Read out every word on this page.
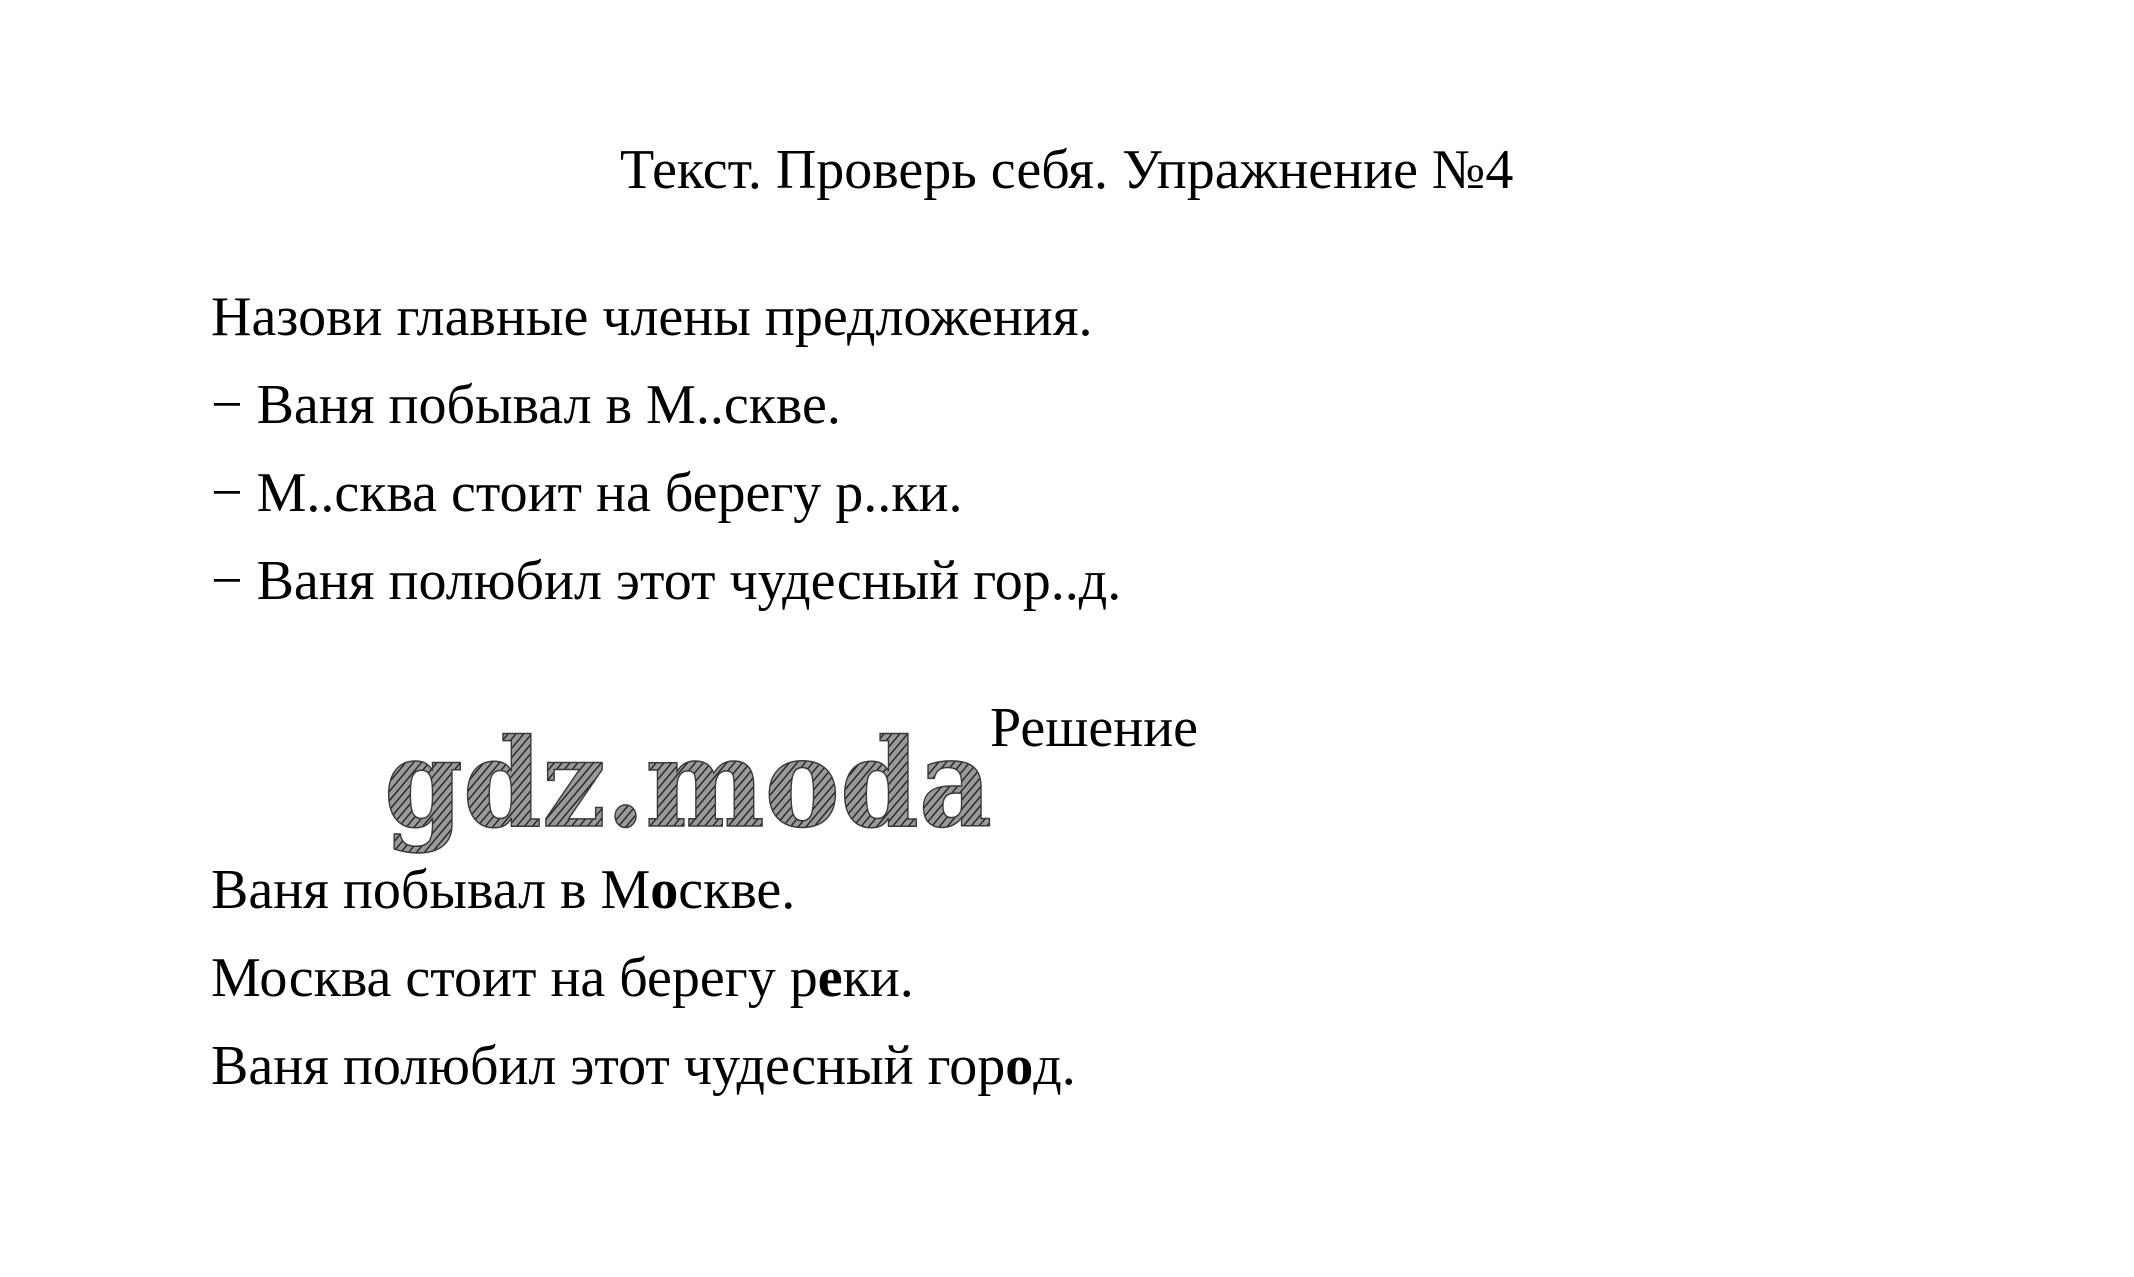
Текст. Проверь себя. Упражнение №4
Назови главные члены предложения.
− Ваня побывал в М..скве.
− М..сква стоит на берегу р..ки.
− Ваня полюбил этот чудесный гор..д.
gdz.moda
Решение
Ваня побывал в Москве.
Москва стоит на берегу реки.
Ваня полюбил этот чудесный город.
